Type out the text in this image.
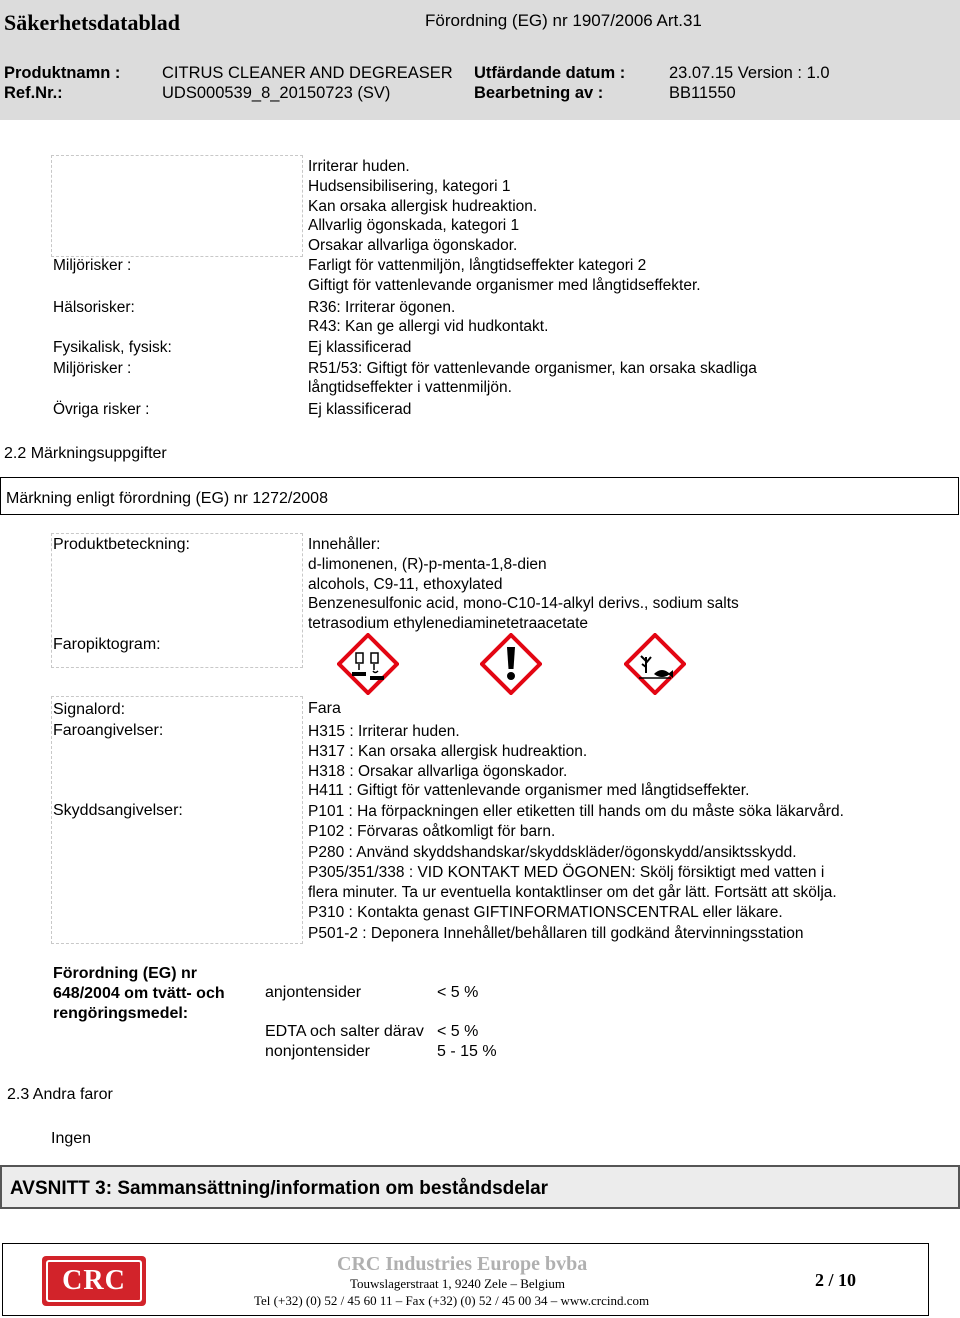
Säkerhetsdatablad	Förordning (EG) nr 1907/2006 Art.31
Produktnamn :	CITRUS CLEANER AND DEGREASER Utfärdande datum :	23.07.15 Version : 1.0
Ref.Nr.:	UDS000539_8_20150723 (SV)	Bearbetning av :	BB11550
Irriterar huden.
Hudsensibilisering, kategori 1
Kan orsaka allergisk hudreaktion.
Allvarlig ögonskada, kategori 1
Orsakar allvarliga ögonskador.
Miljörisker :	Farligt för vattenmiljön, långtidseffekter kategori 2
Giftigt för vattenlevande organismer med långtidseffekter.
Hälsorisker:	R36: Irriterar ögonen.
R43: Kan ge allergi vid hudkontakt.
Fysikalisk, fysisk:	Ej klassificerad
Miljörisker :	R51/53: Giftigt för vattenlevande organismer, kan orsaka skadliga
långtidseffekter i vattenmiljön.
Övriga risker :	Ej klassificerad
2.2 Märkningsuppgifter
Märkning enligt förordning (EG) nr 1272/2008
Produktbeteckning:	Innehåller:
d-limonenen, (R)-p-menta-1,8-dien
alcohols, C9-11, ethoxylated
Benzenesulfonic acid, mono-C10-14-alkyl derivs., sodium salts
tetrasodium ethylenediaminetetraacetate
Faropiktogram:
Signalord:	Fara
Faroangivelser:	H315 : Irriterar huden.
H317 : Kan orsaka allergisk hudreaktion.
H318 : Orsakar allvarliga ögonskador.
H411 : Giftigt för vattenlevande organismer med långtidseffekter.
Skyddsangivelser:	P101 : Ha förpackningen eller etiketten till hands om du måste söka läkarvård.
P102 : Förvaras oåtkomligt för barn.
P280 : Använd skyddshandskar/skyddskläder/ögonskydd/ansiktsskydd.
P305/351/338 : VID KONTAKT MED ÖGONEN: Skölj försiktigt med vatten i
flera minuter. Ta ur eventuella kontaktlinser om det går lätt. Fortsätt att skölja.
P310 : Kontakta genast GIFTINFORMATIONSCENTRAL eller läkare.
P501-2 : Deponera Innehållet/behållaren till godkänd återvinningsstation
Förordning (EG) nr
648/2004 om tvätt- och
rengöringsmedel:
anjontensider	< 5 %
EDTA och salter därav < 5 %
nonjontensider	5 - 15 %
2.3 Andra faror
Ingen
AVSNITT 3: Sammansättning/information om beståndsdelar
CRC
CRC Industries Europe bvba
Touwslagerstraat 1, 9240 Zele – Belgium
Tel (+32) (0) 52 / 45 60 11 – Fax (+32) (0) 52 / 45 00 34 – www.crcind.com
2 / 10
